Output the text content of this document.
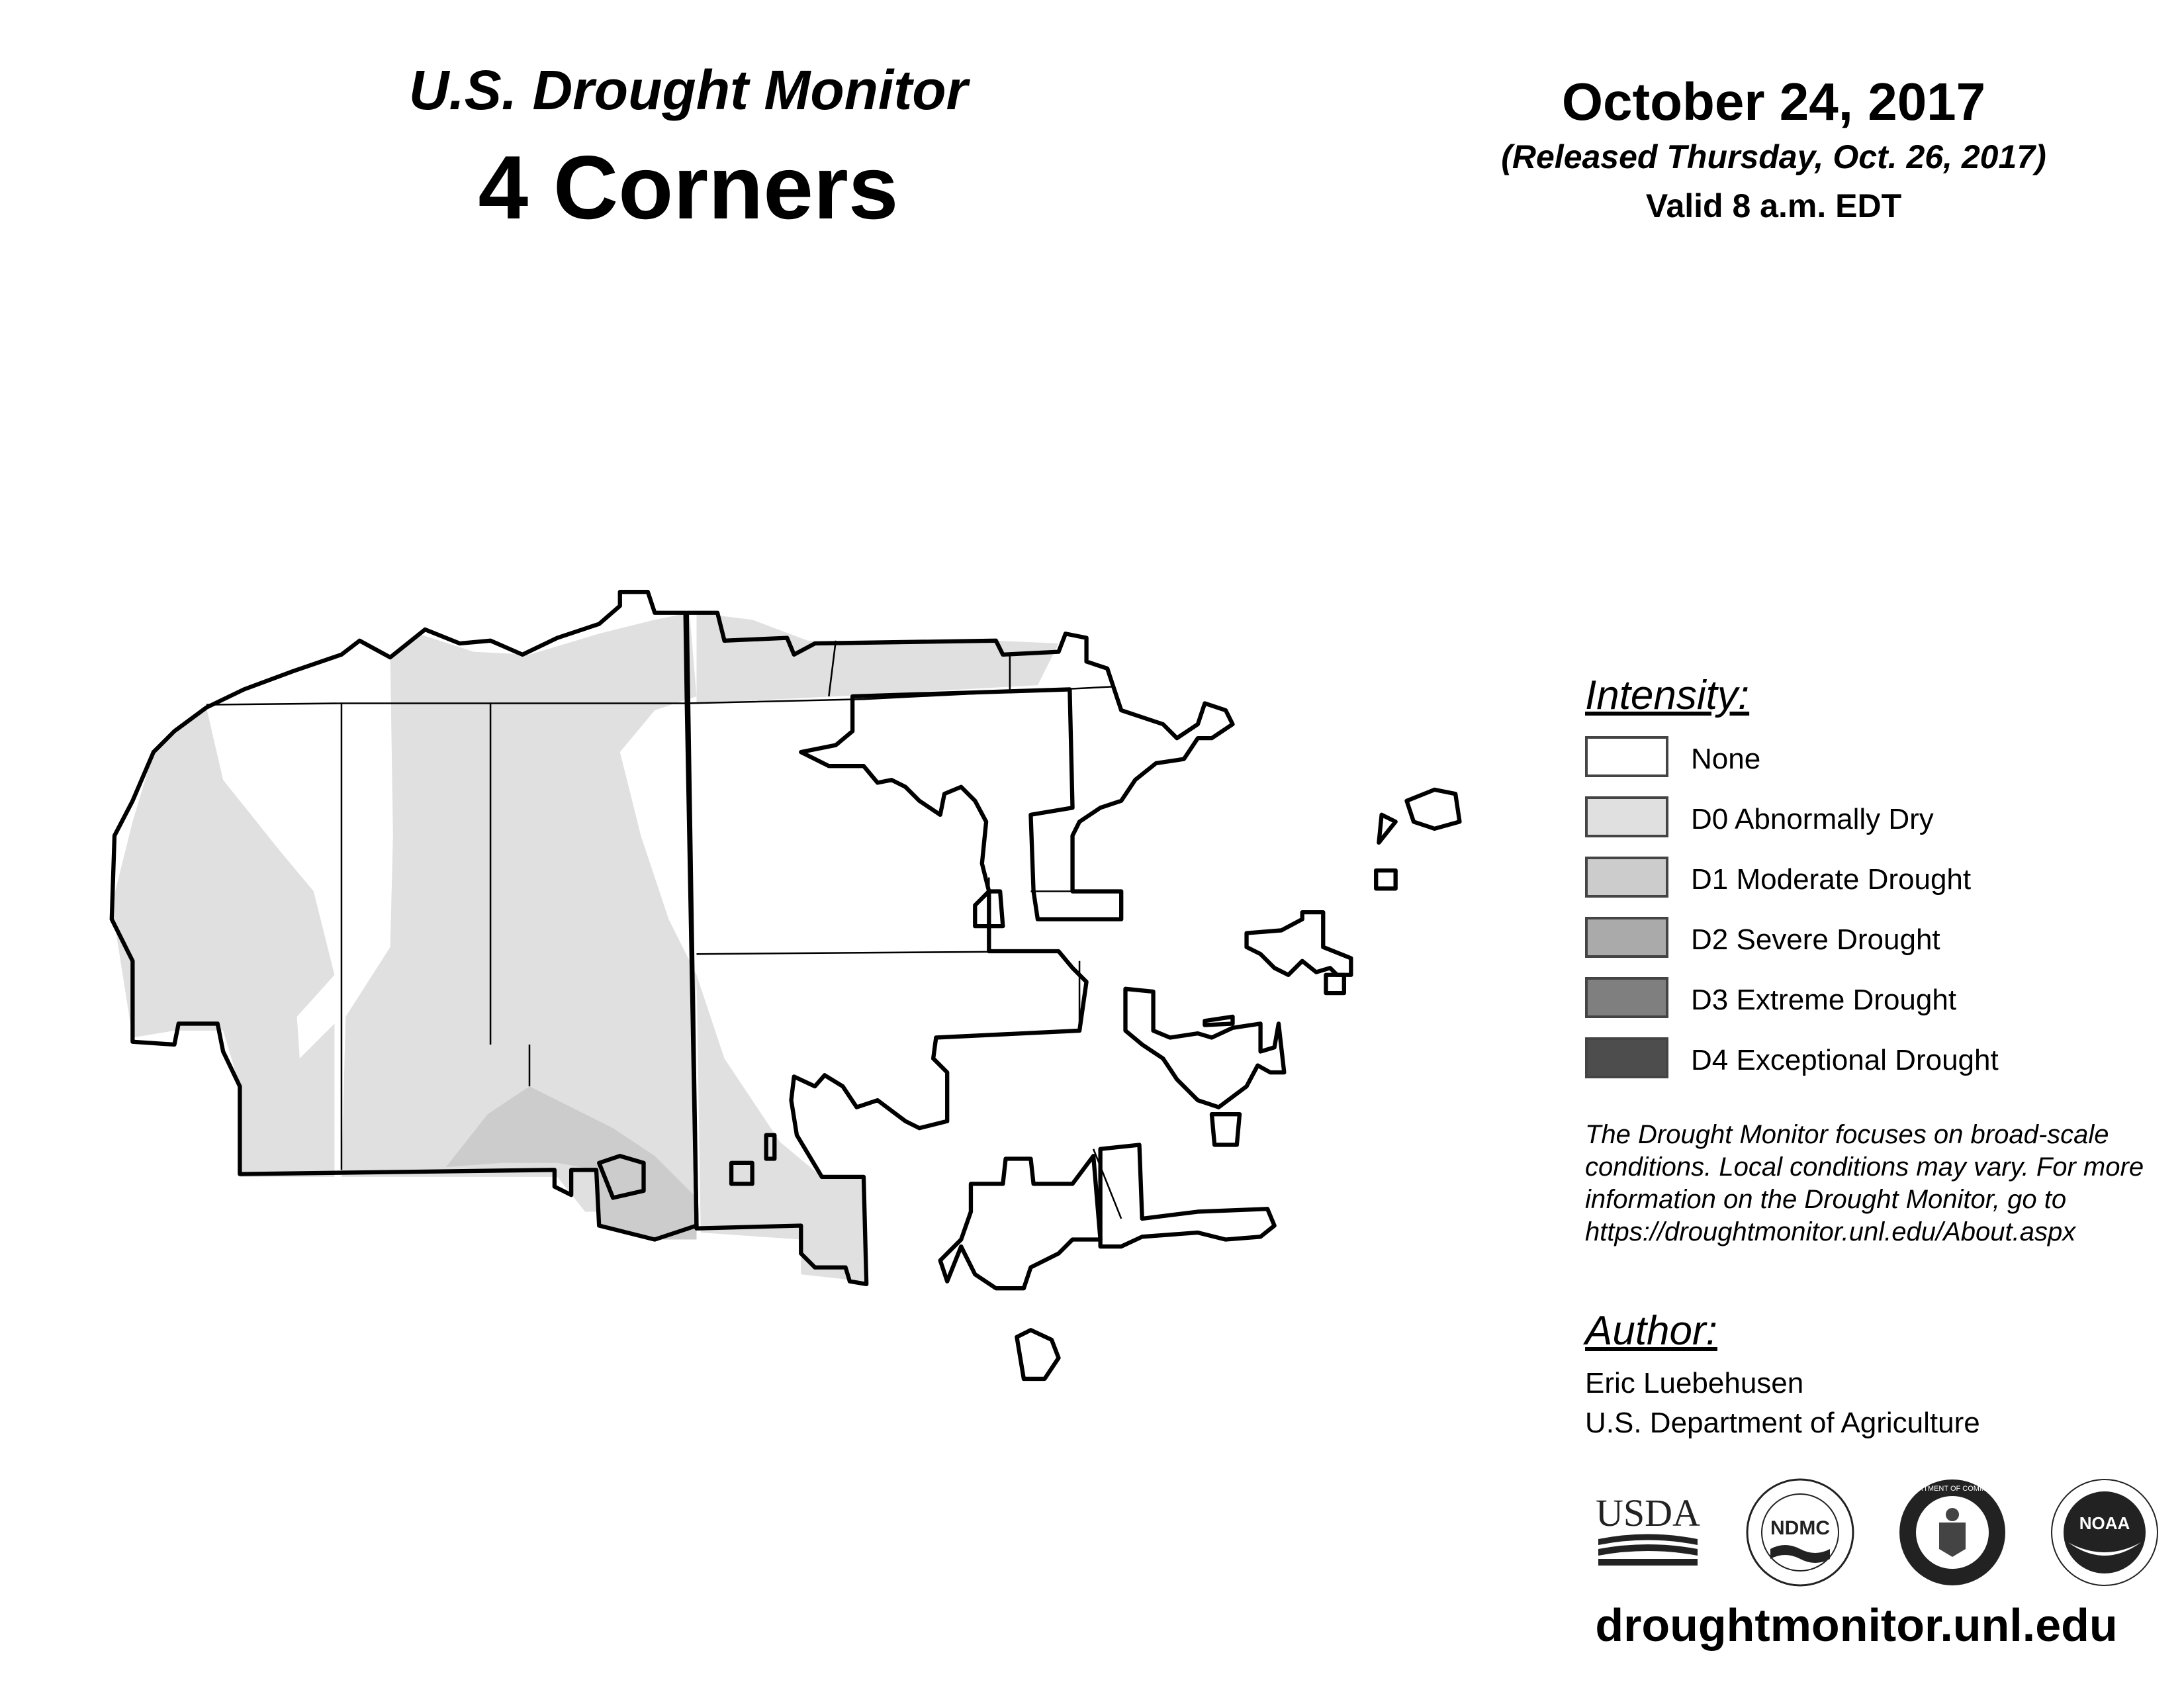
U.S. Drought Monitor
4 Corners
October 24, 2017
(Released Thursday, Oct. 26, 2017)
Valid 8 a.m. EDT
Intensity:
None
D0 Abnormally Dry
D1 Moderate Drought
D2 Severe Drought
D3 Extreme Drought
D4 Exceptional Drought
The Drought Monitor focuses on broad-scale conditions. Local conditions may vary. For more information on the Drought Monitor, go to https://droughtmonitor.unl.edu/About.aspx
Author:
Eric Luebehusen
U.S. Department of Agriculture
USDA	NDMC
DEPARTMENT OF COMMERCE
NOAA
droughtmonitor.unl.edu
